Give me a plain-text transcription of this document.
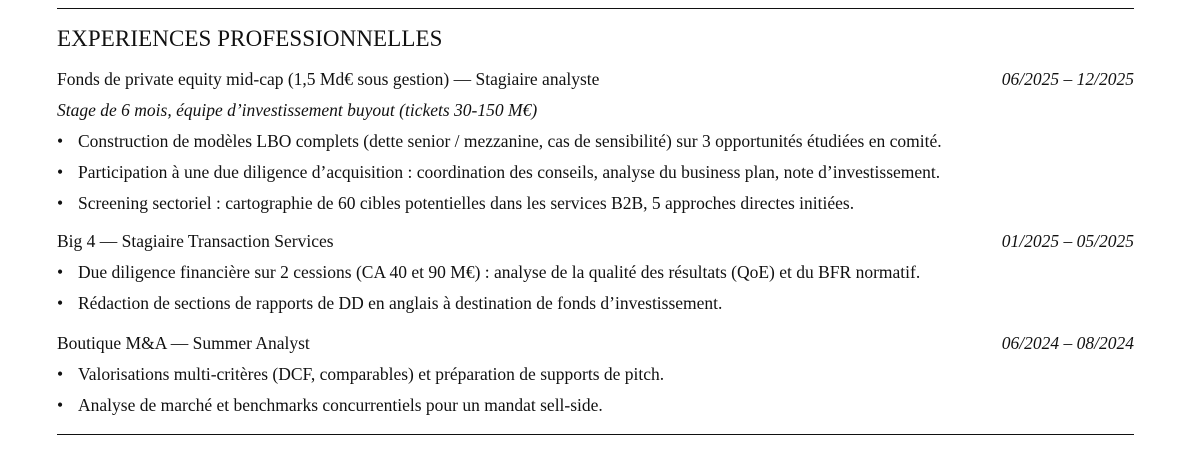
EXPERIENCES PROFESSIONNELLES
Fonds de private equity mid-cap (1,5 Md€ sous gestion) — Stagiaire analyste	06/2025 – 12/2025
Stage de 6 mois, équipe d’investissement buyout (tickets 30-150 M€)
• Construction de modèles LBO complets (dette senior / mezzanine, cas de sensibilité) sur 3 opportunités étudiées en comité.
• Participation à une due diligence d’acquisition : coordination des conseils, analyse du business plan, note d’investissement.
• Screening sectoriel : cartographie de 60 cibles potentielles dans les services B2B, 5 approches directes initiées.
Big 4 — Stagiaire Transaction Services	01/2025 – 05/2025
• Due diligence financière sur 2 cessions (CA 40 et 90 M€) : analyse de la qualité des résultats (QoE) et du BFR normatif.
• Rédaction de sections de rapports de DD en anglais à destination de fonds d’investissement.
Boutique M&A — Summer Analyst	06/2024 – 08/2024
• Valorisations multi-critères (DCF, comparables) et préparation de supports de pitch.
• Analyse de marché et benchmarks concurrentiels pour un mandat sell-side.
